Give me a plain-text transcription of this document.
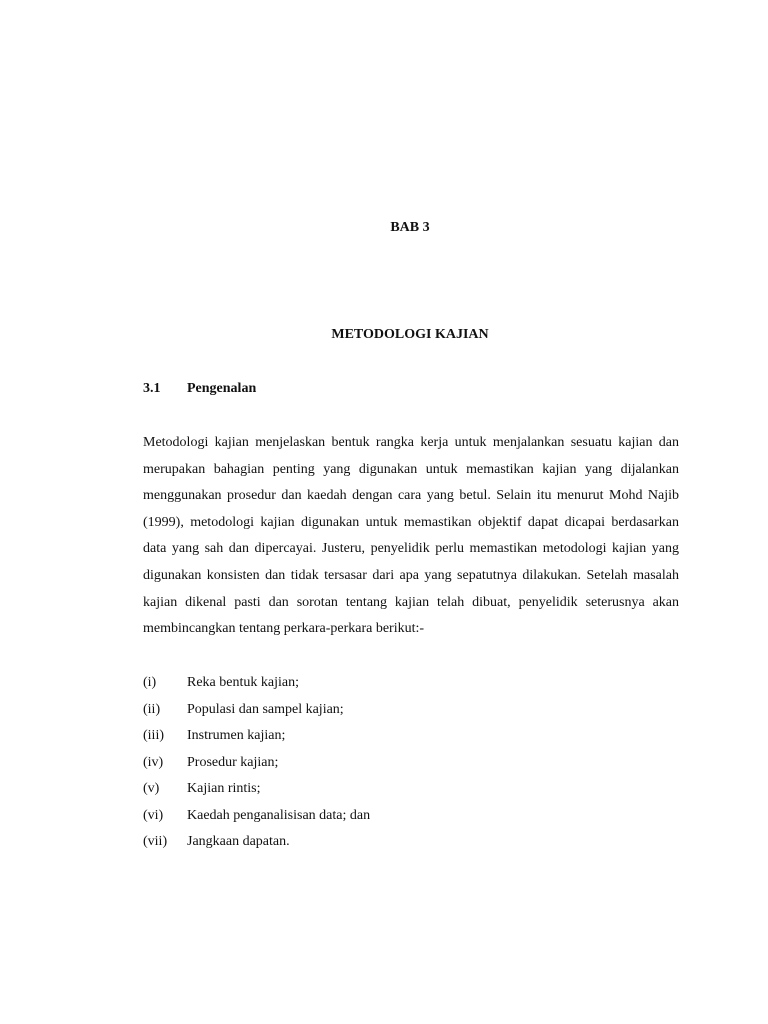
BAB 3
METODOLOGI KAJIAN
3.1 Pengenalan

Metodologi kajian menjelaskan bentuk rangka kerja untuk menjalankan sesuatu kajian dan merupakan bahagian penting yang digunakan untuk memastikan kajian yang dijalankan menggunakan prosedur dan kaedah dengan cara yang betul. Selain itu menurut Mohd Najib (1999), metodologi kajian digunakan untuk memastikan objektif dapat dicapai berdasarkan data yang sah dan dipercayai. Justeru, penyelidik perlu memastikan metodologi kajian yang digunakan konsisten dan tidak tersasar dari apa yang sepatutnya dilakukan. Setelah masalah kajian dikenal pasti dan sorotan tentang kajian telah dibuat, penyelidik seterusnya akan membincangkan tentang perkara-perkara berikut:-

(i) Reka bentuk kajian;
(ii) Populasi dan sampel kajian;
(iii) Instrumen kajian;
(iv) Prosedur kajian;
(v) Kajian rintis;
(vi) Kaedah penganalisisan data; dan
(vii) Jangkaan dapatan.
